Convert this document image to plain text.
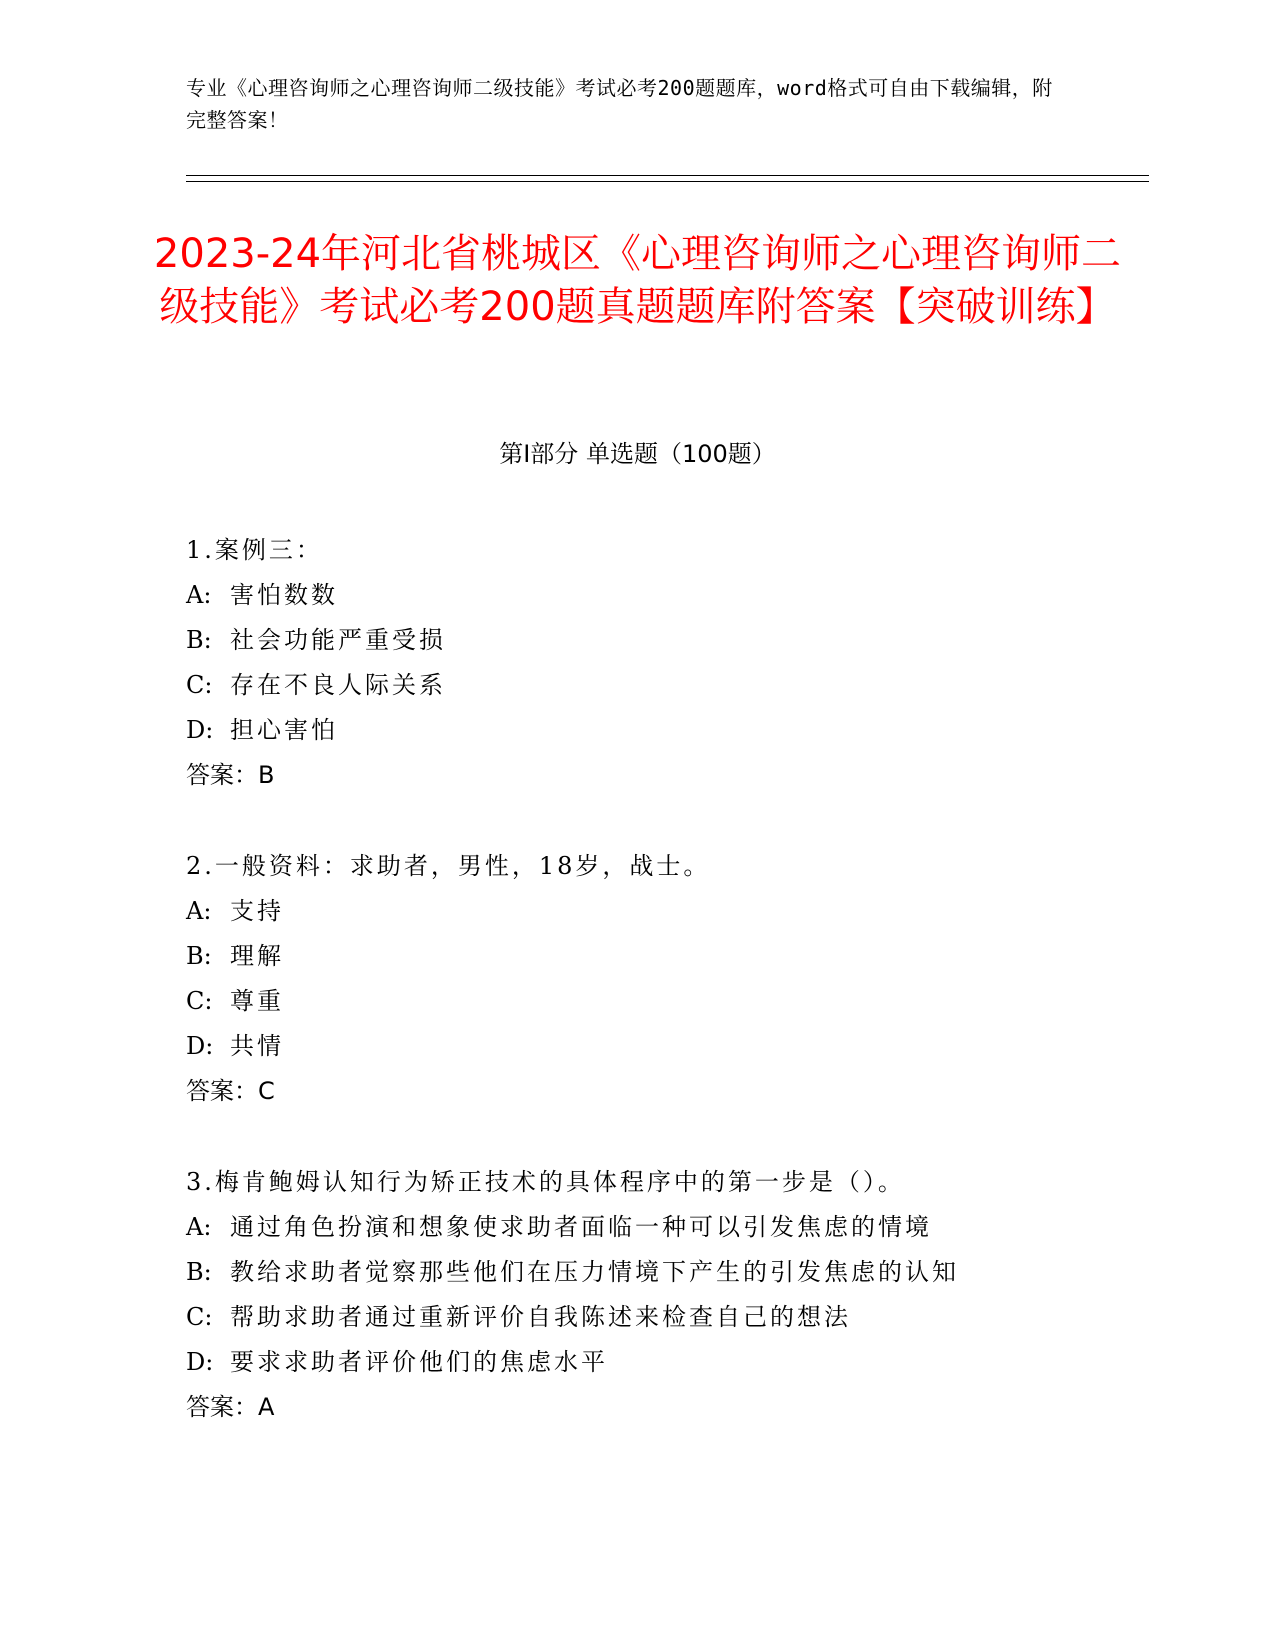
专业《心理咨询师之心理咨询师二级技能》考试必考200题题库，word格式可自由下载编辑，附完整答案！

2023-24年河北省桃城区《心理咨询师之心理咨询师二级技能》考试必考200题真题题库附答案【突破训练】
第I部分 单选题（100题）
1.案例三：
A: 害怕数数
B: 社会功能严重受损
C: 存在不良人际关系
D: 担心害怕
答案：B
2.一般资料：求助者，男性，18岁，战士。
A: 支持
B: 理解
C: 尊重
D: 共情
答案：C
3.梅肯鲍姆认知行为矫正技术的具体程序中的第一步是（）。
A: 通过角色扮演和想象使求助者面临一种可以引发焦虑的情境
B: 教给求助者觉察那些他们在压力情境下产生的引发焦虑的认知
C: 帮助求助者通过重新评价自我陈述来检查自己的想法
D: 要求求助者评价他们的焦虑水平
答案：A
